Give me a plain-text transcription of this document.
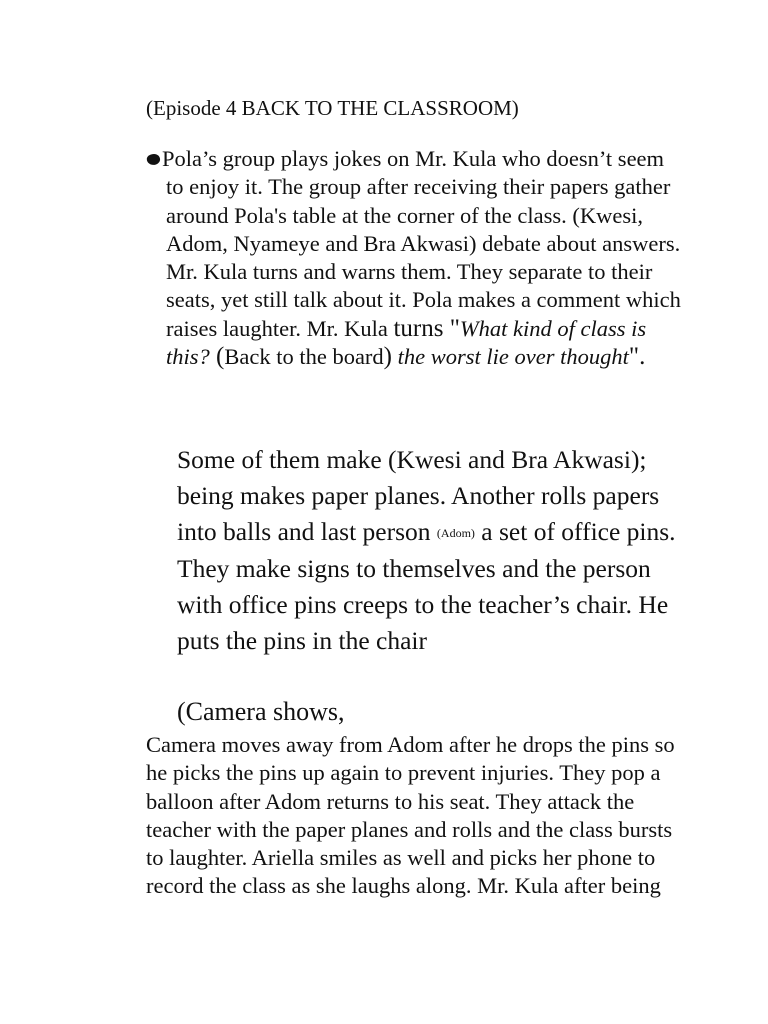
(Episode 4 BACK TO THE CLASSROOM)

Pola’s group plays jokes on Mr. Kula who doesn’t seem to enjoy it. The group after receiving their papers gather around Pola's table at the corner of the class. (Kwesi, Adom, Nyameye and Bra Akwasi) debate about answers. Mr. Kula turns and warns them. They separate to their seats, yet still talk about it. Pola makes a comment which raises laughter. Mr. Kula turns "What kind of class is this? (Back to the board) the worst lie over thought".

Some of them make (Kwesi and Bra Akwasi); being makes paper planes. Another rolls papers into balls and last person (Adom) a set of office pins. They make signs to themselves and the person with office pins creeps to the teacher’s chair. He puts the pins in the chair

(Camera shows,

Camera moves away from Adom after he drops the pins so he picks the pins up again to prevent injuries. They pop a balloon after Adom returns to his seat. They attack the teacher with the paper planes and rolls and the class bursts to laughter. Ariella smiles as well and picks her phone to record the class as she laughs along. Mr. Kula after being
